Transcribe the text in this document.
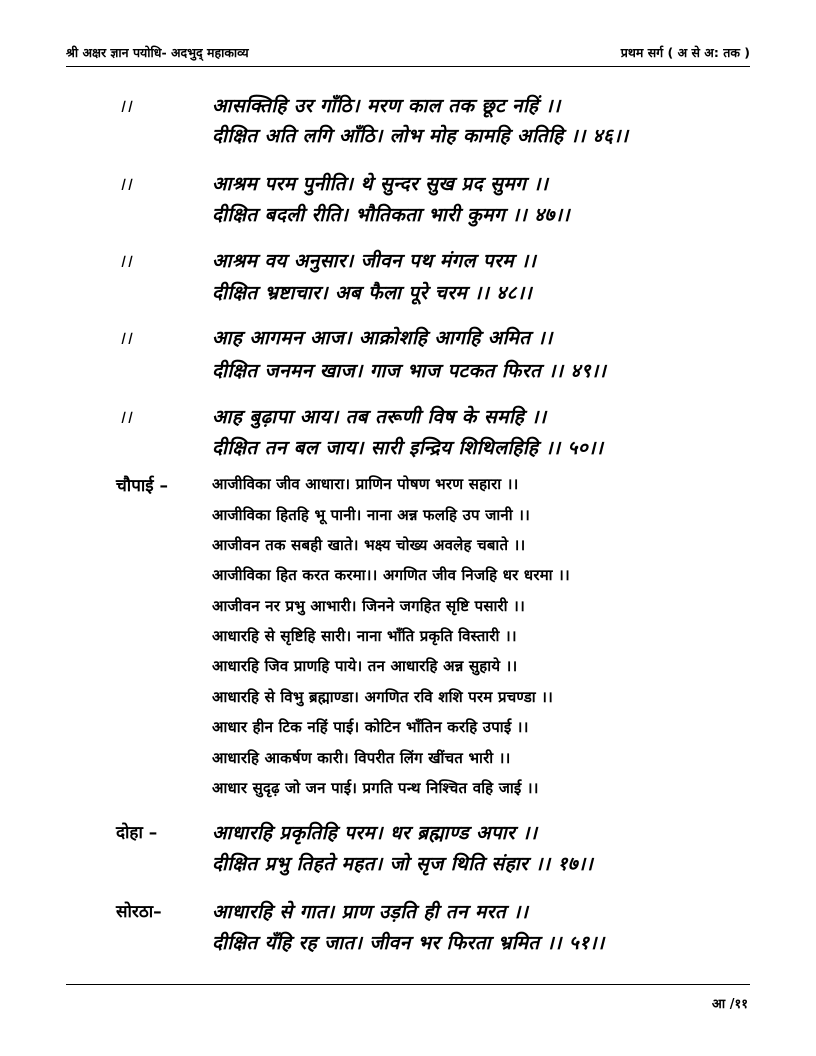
श्री अक्षर ज्ञान पयोधि- अदभुद् महाकाव्य	प्रथम सर्ग ( अ से अ: तक )
।।	आसक्तिहि उर गाँठि। मरण काल तक छूट नहिं ।।
दीक्षित अति लगि आँठि। लोभ मोह कामहि अतिहि ।। ४६।।
।।	आश्रम परम पुनीति। थे सुन्दर सुख प्रद सुमग ।।
दीक्षित बदली रीति। भौतिकता भारी कुमग ।। ४७।।
।।	आश्रम वय अनुसार। जीवन पथ मंगल परम ।।
दीक्षित भ्रष्टाचार। अब फैला पूरे चरम ।। ४८।।
।।	आह आगमन आज। आक्रोशहि आगहि अमित ।।
दीक्षित जनमन खाज। गाज भाज पटकत फिरत ।। ४९।।
।।	आह बुढ़ापा आय। तब तरूणी विष के समहि ।।
दीक्षित तन बल जाय। सारी इन्द्रिय शिथिलहिहि ।। ५०।।
चौपाई –	आजीविका जीव आधारा। प्राणिन पोषण भरण सहारा ।।
आजीविका हितहि भू पानी। नाना अन्न फलहि उप जानी ।।
आजीवन तक सबही खाते। भक्ष्य चोख्य अवलेह चबाते ।।
आजीविका हित करत करमा।। अगणित जीव निजहि धर धरमा ।।
आजीवन नर प्रभु आभारी। जिनने जगहित सृष्टि पसारी ।।
आधारहि से सृष्टिहि सारी। नाना भाँति प्रकृति विस्तारी ।।
आधारहि जिव प्राणहि पाये। तन आधारहि अन्न सुहाये ।।
आधारहि से विभु ब्रह्माण्डा। अगणित रवि शशि परम प्रचण्डा ।।
आधार हीन टिक नहिं पाई। कोटिन भाँतिन करहि उपाई ।।
आधारहि आकर्षण कारी। विपरीत लिंग खींचत भारी ।।
आधार सुदृढ़ जो जन पाई। प्रगति पन्थ निश्चित वहि जाई ।।
दोहा –	आधारहि प्रकृतिहि परम। धर ब्रह्माण्ड अपार ।।
दीक्षित प्रभु तिहते महत। जो सृज थिति संहार ।। १७।।
सोरठा–	आधारहि से गात। प्राण उड़ति ही तन मरत ।।
दीक्षित यँहि रह जात। जीवन भर फिरता भ्रमित ।। ५१।।
आ /११
